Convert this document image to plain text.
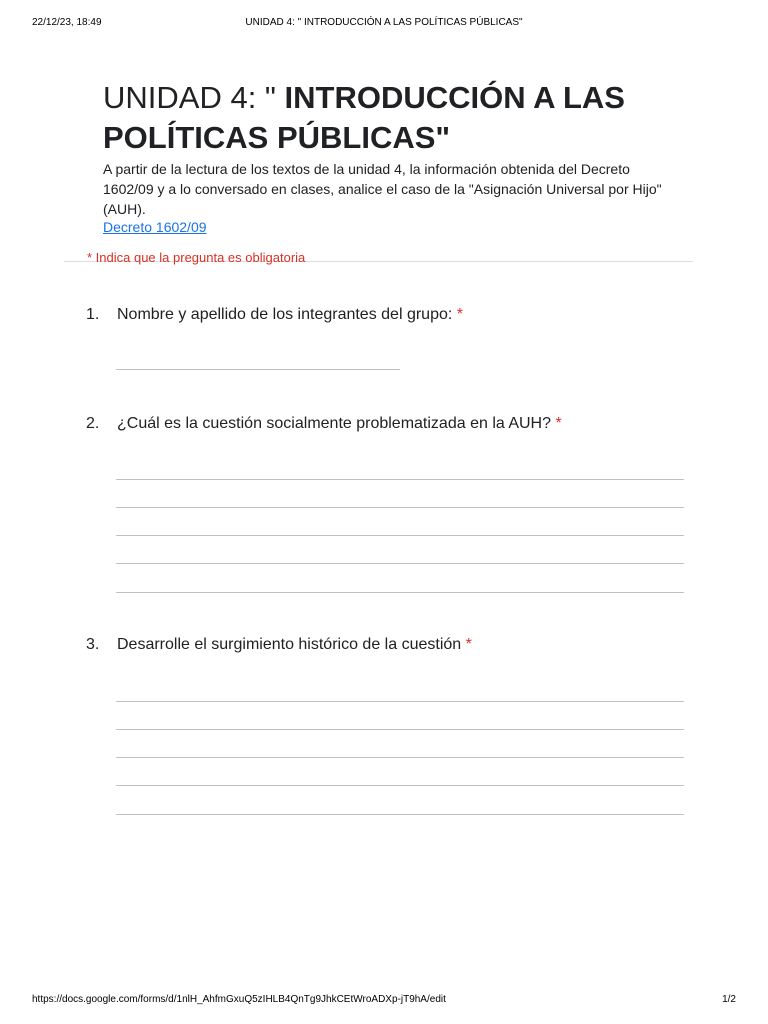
22/12/23, 18:49	UNIDAD 4: " INTRODUCCIÓN A LAS POLÍTICAS PÚBLICAS"
UNIDAD 4: " INTRODUCCIÓN A LAS POLÍTICAS PÚBLICAS"
A partir de la lectura de los textos de la unidad 4, la información obtenida del Decreto 1602/09 y a lo conversado en clases, analice el caso de la "Asignación Universal por Hijo" (AUH).
Decreto 1602/09
* Indica que la pregunta es obligatoria
1. Nombre y apellido de los integrantes del grupo: *
2. ¿Cuál es la cuestión socialmente problematizada en la AUH? *
3. Desarrolle el surgimiento histórico de la cuestión *
https://docs.google.com/forms/d/1nlH_AhfmGxuQ5zIHLB4QnTg9JhkCEtWroADXp-jT9hA/edit	1/2
